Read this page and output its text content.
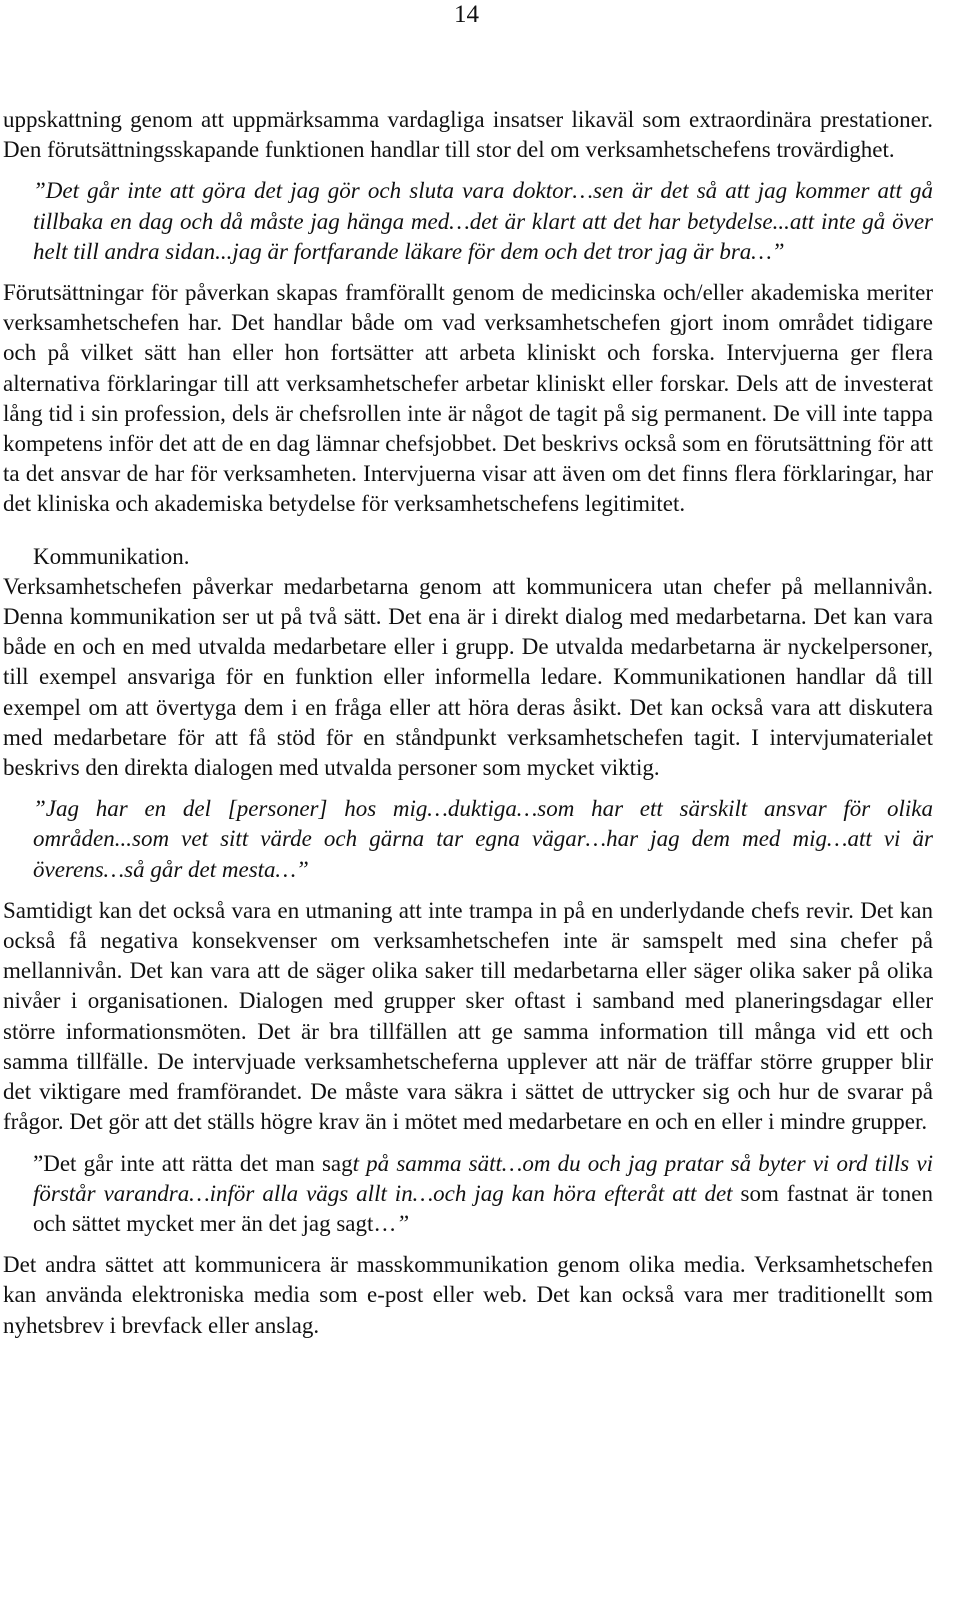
14

uppskattning genom att uppmärksamma vardagliga insatser likaväl som extraordinära prestationer. Den förutsättningsskapande funktionen handlar till stor del om verksamhetschefens trovärdighet.

”Det går inte att göra det jag gör och sluta vara doktor…sen är det så att jag kommer att gå tillbaka en dag och då måste jag hänga med…det är klart att det har betydelse...att inte gå över helt till andra sidan...jag är fortfarande läkare för dem och det tror jag är bra…”

Förutsättningar för påverkan skapas framförallt genom de medicinska och/eller akademiska meriter verksamhetschefen har. Det handlar både om vad verksamhetschefen gjort inom området tidigare och på vilket sätt han eller hon fortsätter att arbeta kliniskt och forska. Intervjuerna ger flera alternativa förklaringar till att verksamhetschefer arbetar kliniskt eller forskar. Dels att de investerat lång tid i sin profession, dels är chefsrollen inte är något de tagit på sig permanent. De vill inte tappa kompetens inför det att de en dag lämnar chefsjobbet. Det beskrivs också som en förutsättning för att ta det ansvar de har för verksamheten. Intervjuerna visar att även om det finns flera förklaringar, har det kliniska och akademiska betydelse för verksamhetschefens legitimitet.

Kommunikation.

Verksamhetschefen påverkar medarbetarna genom att kommunicera utan chefer på mellannivån. Denna kommunikation ser ut på två sätt. Det ena är i direkt dialog med medarbetarna. Det kan vara både en och en med utvalda medarbetare eller i grupp. De utvalda medarbetarna är nyckelpersoner, till exempel ansvariga för en funktion eller informella ledare. Kommunikationen handlar då till exempel om att övertyga dem i en fråga eller att höra deras åsikt. Det kan också vara att diskutera med medarbetare för att få stöd för en ståndpunkt verksamhetschefen tagit. I intervjumaterialet beskrivs den direkta dialogen med utvalda personer som mycket viktig.

”Jag har en del [personer] hos mig…duktiga…som har ett särskilt ansvar för olika områden...som vet sitt värde och gärna tar egna vägar…har jag dem med mig…att vi är överens…så går det mesta…”

Samtidigt kan det också vara en utmaning att inte trampa in på en underlydande chefs revir. Det kan också få negativa konsekvenser om verksamhetschefen inte är samspelt med sina chefer på mellannivån. Det kan vara att de säger olika saker till medarbetarna eller säger olika saker på olika nivåer i organisationen. Dialogen med grupper sker oftast i samband med planeringsdagar eller större informationsmöten. Det är bra tillfällen att ge samma information till många vid ett och samma tillfälle. De intervjuade verksamhetscheferna upplever att när de träffar större grupper blir det viktigare med framförandet. De måste vara säkra i sättet de uttrycker sig och hur de svarar på frågor. Det gör att det ställs högre krav än i mötet med medarbetare en och en eller i mindre grupper.

”Det går inte att rätta det man sagt på samma sätt…om du och jag pratar så byter vi ord tills vi förstår varandra…inför alla vägs allt in…och jag kan höra efteråt att det som fastnat är tonen och sättet mycket mer än det jag sagt…”

Det andra sättet att kommunicera är masskommunikation genom olika media. Verksamhetschefen kan använda elektroniska media som e-post eller web. Det kan också vara mer traditionellt som nyhetsbrev i brevfack eller anslag.
